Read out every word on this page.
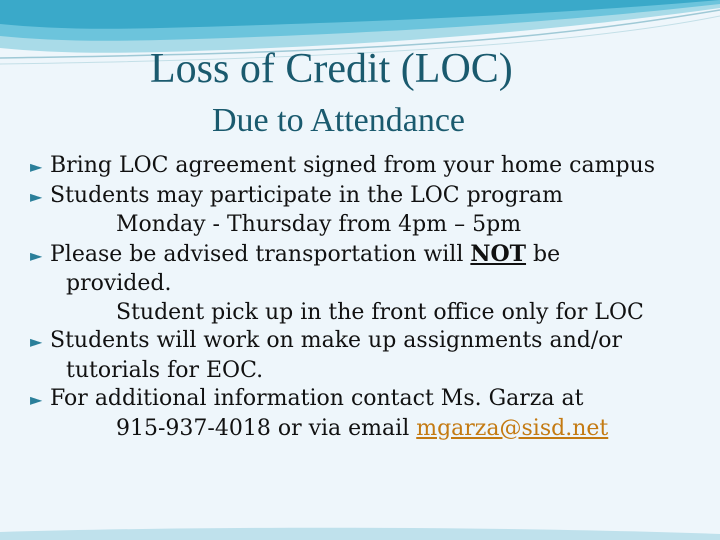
Loss of Credit (LOC)
Due to Attendance
► Bring LOC agreement signed from your home campus
► Students may participate in the LOC program
Monday - Thursday from 4pm – 5pm
► Please be advised transportation will NOT be
provided.
Student pick up in the front office only for LOC
► Students will work on make up assignments and/or
tutorials for EOC.
► For additional information contact Ms. Garza at
915-937-4018 or via email mgarza@sisd.net
